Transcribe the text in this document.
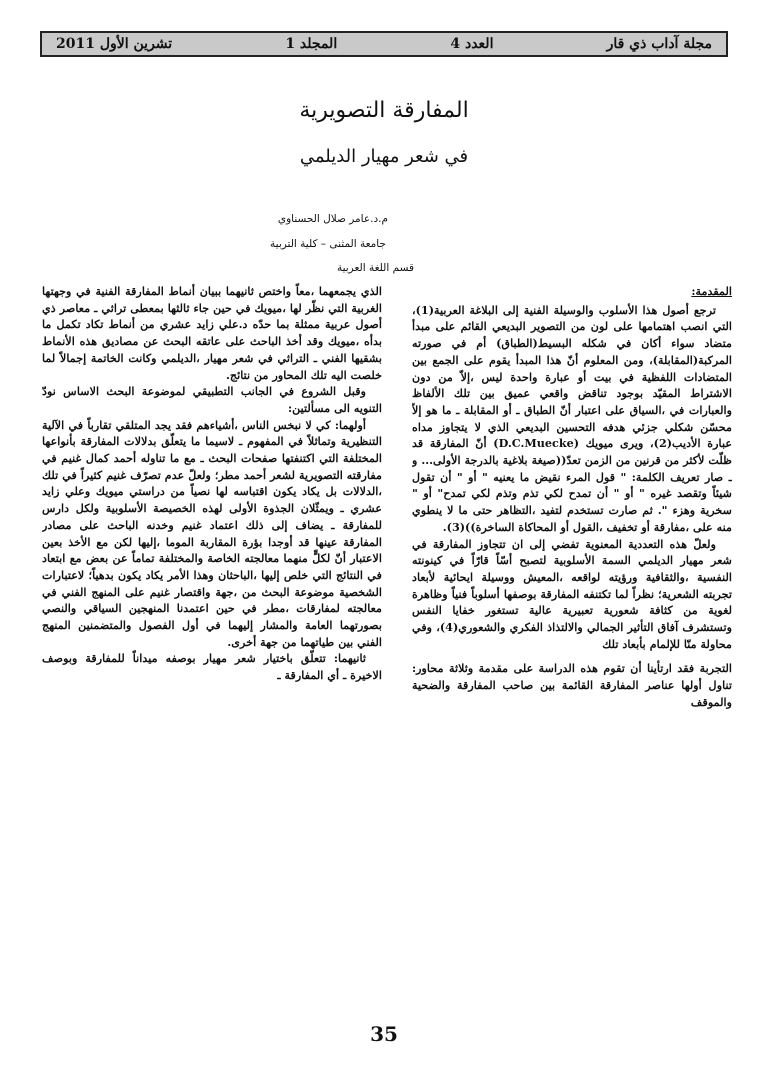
مجلة آداب ذي قار
العدد 4
المجلد 1
تشرين الأول 2011
المفارقة التصويرية
في شعر مهيار الديلمي
م.د.عامر صلال الحسناوي
جامعة المثنى – كلية التربية
قسم اللغة العربية

المقدمة:

ترجع أصول هذا الأسلوب والوسيلة الفنية إلى البلاغة العربية(1)، التي انصب اهتمامها على لون من التصوير البديعي القائم على مبدأ متضاد سواء أكان في شكله البسيط(الطباق) أم في صورته المركبة(المقابلة)، ومن المعلوم أنّ هذا المبدأ يقوم على الجمع بين المتضادات اللفظية في بيت أو عبارة واحدة ليس ،إلاّ من دون الاشتراط المقيّد بوجود تناقض واقعي عميق بين تلك الألفاظ والعبارات في ،السياق على اعتبار أنّ الطباق ـ أو المقابلة ـ ما هو إلاّ محسّن شكلي جزئي هدفه التحسين البديعي الذي لا يتجاوز مداه عبارة الأديب(2)، ويرى ميويك (D.C.Muecke) أنّ المفارقة قد ظلّت لأكثر من قرنين من الزمن تعدّ((صيغة بلاغية بالدرجة الأولى... و ـ صار تعريف الكلمة: " قول المرء نقيض ما يعنيه " أو " أن تقول شيئاً وتقصد غيره " أو " أن تمدح لكي تذم وتذم لكي تمدح" أو " سخرية وهزء ". ثم صارت تستخدم لتفيد ،التظاهر حتى ما لا ينطوي منه على ،مفارقة أو تخفيف ،القول أو المحاكاة الساخرة))(3).

ولعلّ هذه التعددية المعنوية تفضي إلى ان تتجاوز المفارقة في شعر مهيار الديلمي السمة الأسلوبية لتصبح أسّاً قارّاً في كينونته النفسية ،والثقافية ورؤيته لواقعه ،المعيش ووسيلة ايحائية لأبعاد تجربته الشعرية؛ نظراً لما تكتنفه المفارقة بوصفها أسلوباً فنياً وظاهرة لغوية من كثافة شعورية تعبيرية عالية تستغور خفايا النفس وتستشرف آفاق التأثير الجمالي والالتذاذ الفكري والشعوري(4)، وفي محاولة منّا للإلمام بأبعاد تلك

التجربة فقد ارتأينا أن تقوم هذه الدراسة على مقدمة وثلاثة محاور: تناول أولها عناصر المفارقة القائمة بين صاحب المفارقة والضحية والموقف

الذي يجمعهما ،معاً واختص ثانيهما ببيان أنماط المفارقة الفنية في وجهتها الغربية التي نظّر لها ،ميويك في حين جاء ثالثها بمعطى تراثي ـ معاصر ذي أصول عربية ممثلة بما حدّه د.علي زايد عشري من أنماط تكاد تكمل ما بدأه ،ميويك وقد أخذ الباحث على عاتقه البحث عن مصاديق هذه الأنماط بشقيها الفني ـ التراثي في شعر مهيار ،الديلمي وكانت الخاتمة إجمالاً لما خلصت اليه تلك المحاور من نتائج.

وقبل الشروع في الجانب التطبيقي لموضوعة البحث الاساس نودّ التنويه الى مسألتين:

أولهما: كي لا نبخس الناس ،أشياءهم فقد يجد المتلقي تقارباً في الآلية التنظيرية وتماثلاً في المفهوم ـ لاسيما ما يتعلّق بدلالات المفارقة بأنواعها المختلفة التي اكتنفتها صفحات البحث ـ مع ما تناوله أحمد كمال غنيم في مفارقته التصويرية لشعر أحمد مطر؛ ولعلّ عدم تصرّف غنيم كثيراً في تلك ،الدلالات بل يكاد يكون اقتباسه لها نصياً من دراستي ميويك وعلي زايد عشري ـ ويمثّلان الجذوة الأولى لهذه الخصيصة الأسلوبية ولكل دارس للمفارقة ـ يضاف إلى ذلك اعتماد غنيم وخدنه الباحث على مصادر المفارقة عينها قد أوجدا بؤرة المقاربة الموما ،إليها لكن مع الأخذ بعين الاعتبار أنّ لكلٍّ منهما معالجته الخاصة والمختلفة تماماً عن بعض مع ابتعاد في النتائج التي خلص إليها ،الباحثان وهذا الأمر يكاد يكون بدهياً؛ لاعتبارات الشخصية موضوعة البحث من ،جهة واقتصار غنيم على المنهج الفني في معالجته لمفارقات ،مطر في حين اعتمدنا المنهجين السياقي والنصي بصورتهما العامة والمشار إليهما في أول الفصول والمتضمنين المنهج الفني بين طياتهما من جهة أخرى.

ثانيهما: تتعلّق باختيار شعر مهيار بوصفه ميداناً للمفارقة وبوصف الاخيرة ـ أي المفارقة ـ

35
